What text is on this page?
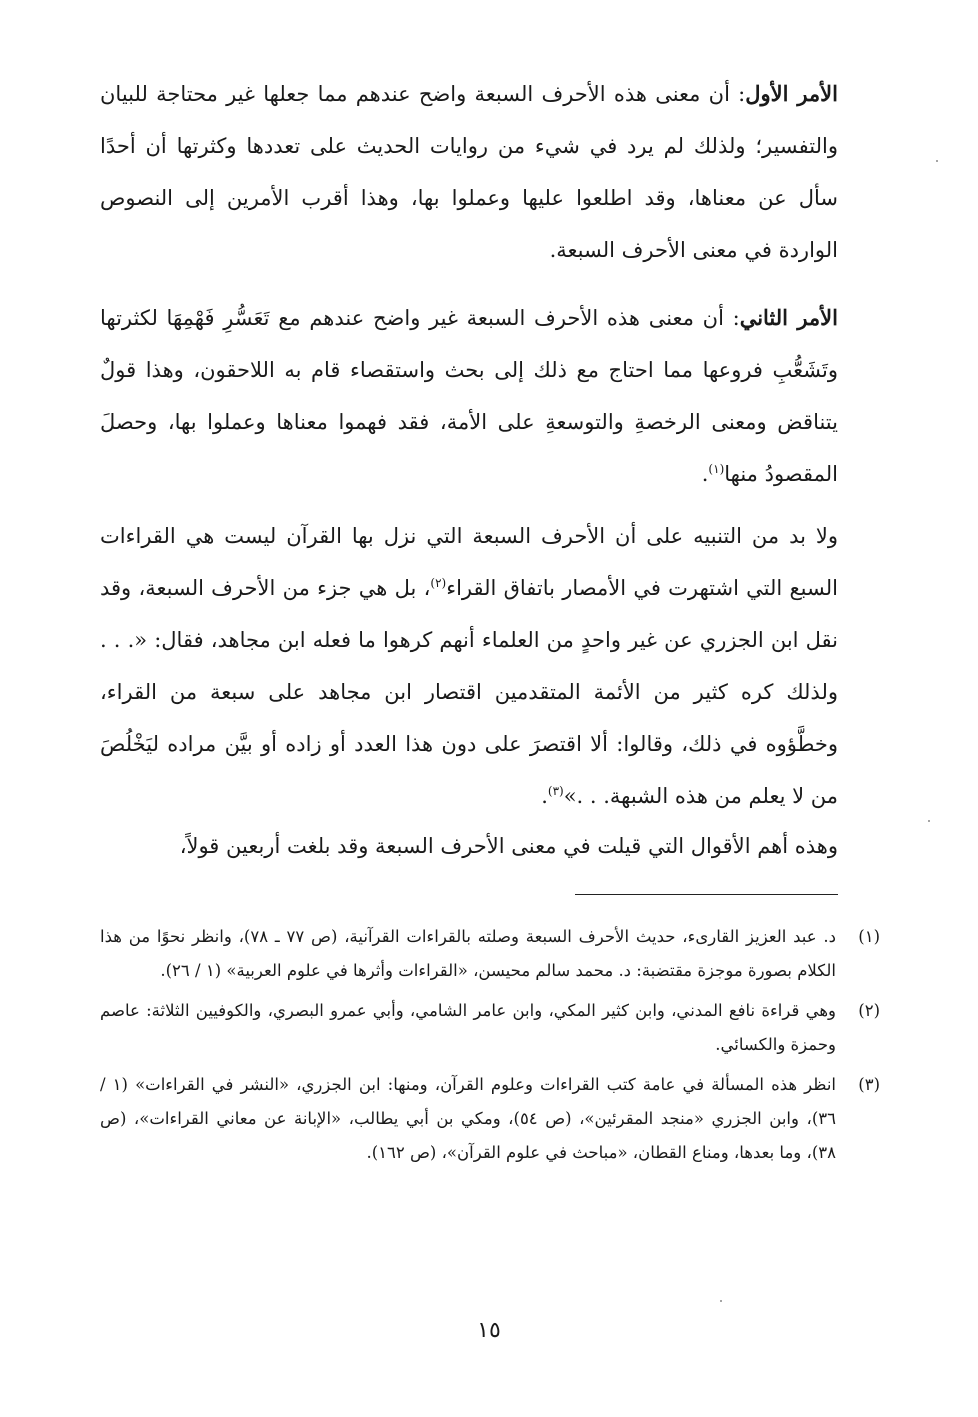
الأمر الأول: أن معنى هذه الأحرف السبعة واضح عندهم مما جعلها غير محتاجة للبيان والتفسير؛ ولذلك لم يرد في شيء من روايات الحديث على تعددها وكثرتها أن أحدًا سأل عن معناها، وقد اطلعوا عليها وعملوا بها، وهذا أقرب الأمرين إلى النصوص الواردة في معنى الأحرف السبعة.

الأمر الثاني: أن معنى هذه الأحرف السبعة غير واضح عندهم مع تَعَسُّرِ فَهْمِهَا لكثرتها وتَشَعُّبِ فروعها مما احتاج مع ذلك إلى بحث واستقصاء قام به اللاحقون، وهذا قولٌ يتناقض ومعنى الرخصةِ والتوسعةِ على الأمة، فقد فهموا معناها وعملوا بها، وحصلَ المقصودُ منها$^{(١)}$.

ولا بد من التنبيه على أن الأحرف السبعة التي نزل بها القرآن ليست هي القراءات السبع التي اشتهرت في الأمصار باتفاق القراء$^{(٢)}$، بل هي جزء من الأحرف السبعة، وقد نقل ابن الجزري عن غير واحدٍ من العلماء أنهم كرهوا ما فعله ابن مجاهد، فقال: «. . . ولذلك كره كثير من الأئمة المتقدمين اقتصار ابن مجاهد على سبعة من القراء، وخطَّؤوه في ذلك، وقالوا: ألا اقتصرَ على دون هذا العدد أو زاده أو بيَّن مراده ليَخْلُصَ من لا يعلم من هذه الشبهة. . .»$^{(٣)}$.

وهذه أهم الأقوال التي قيلت في معنى الأحرف السبعة وقد بلغت أربعين قولاً،

(١)
د. عبد العزيز القارىء، حديث الأحرف السبعة وصلته بالقراءات القرآنية، (ص ٧٧ ـ ٧٨)، وانظر نحوًا من هذا الكلام بصورة موجزة مقتضبة: د. محمد سالم محيسن، «القراءات وأثرها في علوم العربية» (١ / ٢٦).
(٢)
وهي قراءة نافع المدني، وابن كثير المكي، وابن عامر الشامي، وأبي عمرو البصري، والكوفيين الثلاثة: عاصم وحمزة والكسائي.
(٣)
انظر هذه المسألة في عامة كتب القراءات وعلوم القرآن، ومنها: ابن الجزري، «النشر في القراءات» (١ / ٣٦)، وابن الجزري «منجد المقرئين»، (ص ٥٤)، ومكي بن أبي يطالب، «الإبانة عن معاني القراءات»، (ص ٣٨)، وما بعدها، ومناع القطان، «مباحث في علوم القرآن»، (ص ١٦٢).
١٥
